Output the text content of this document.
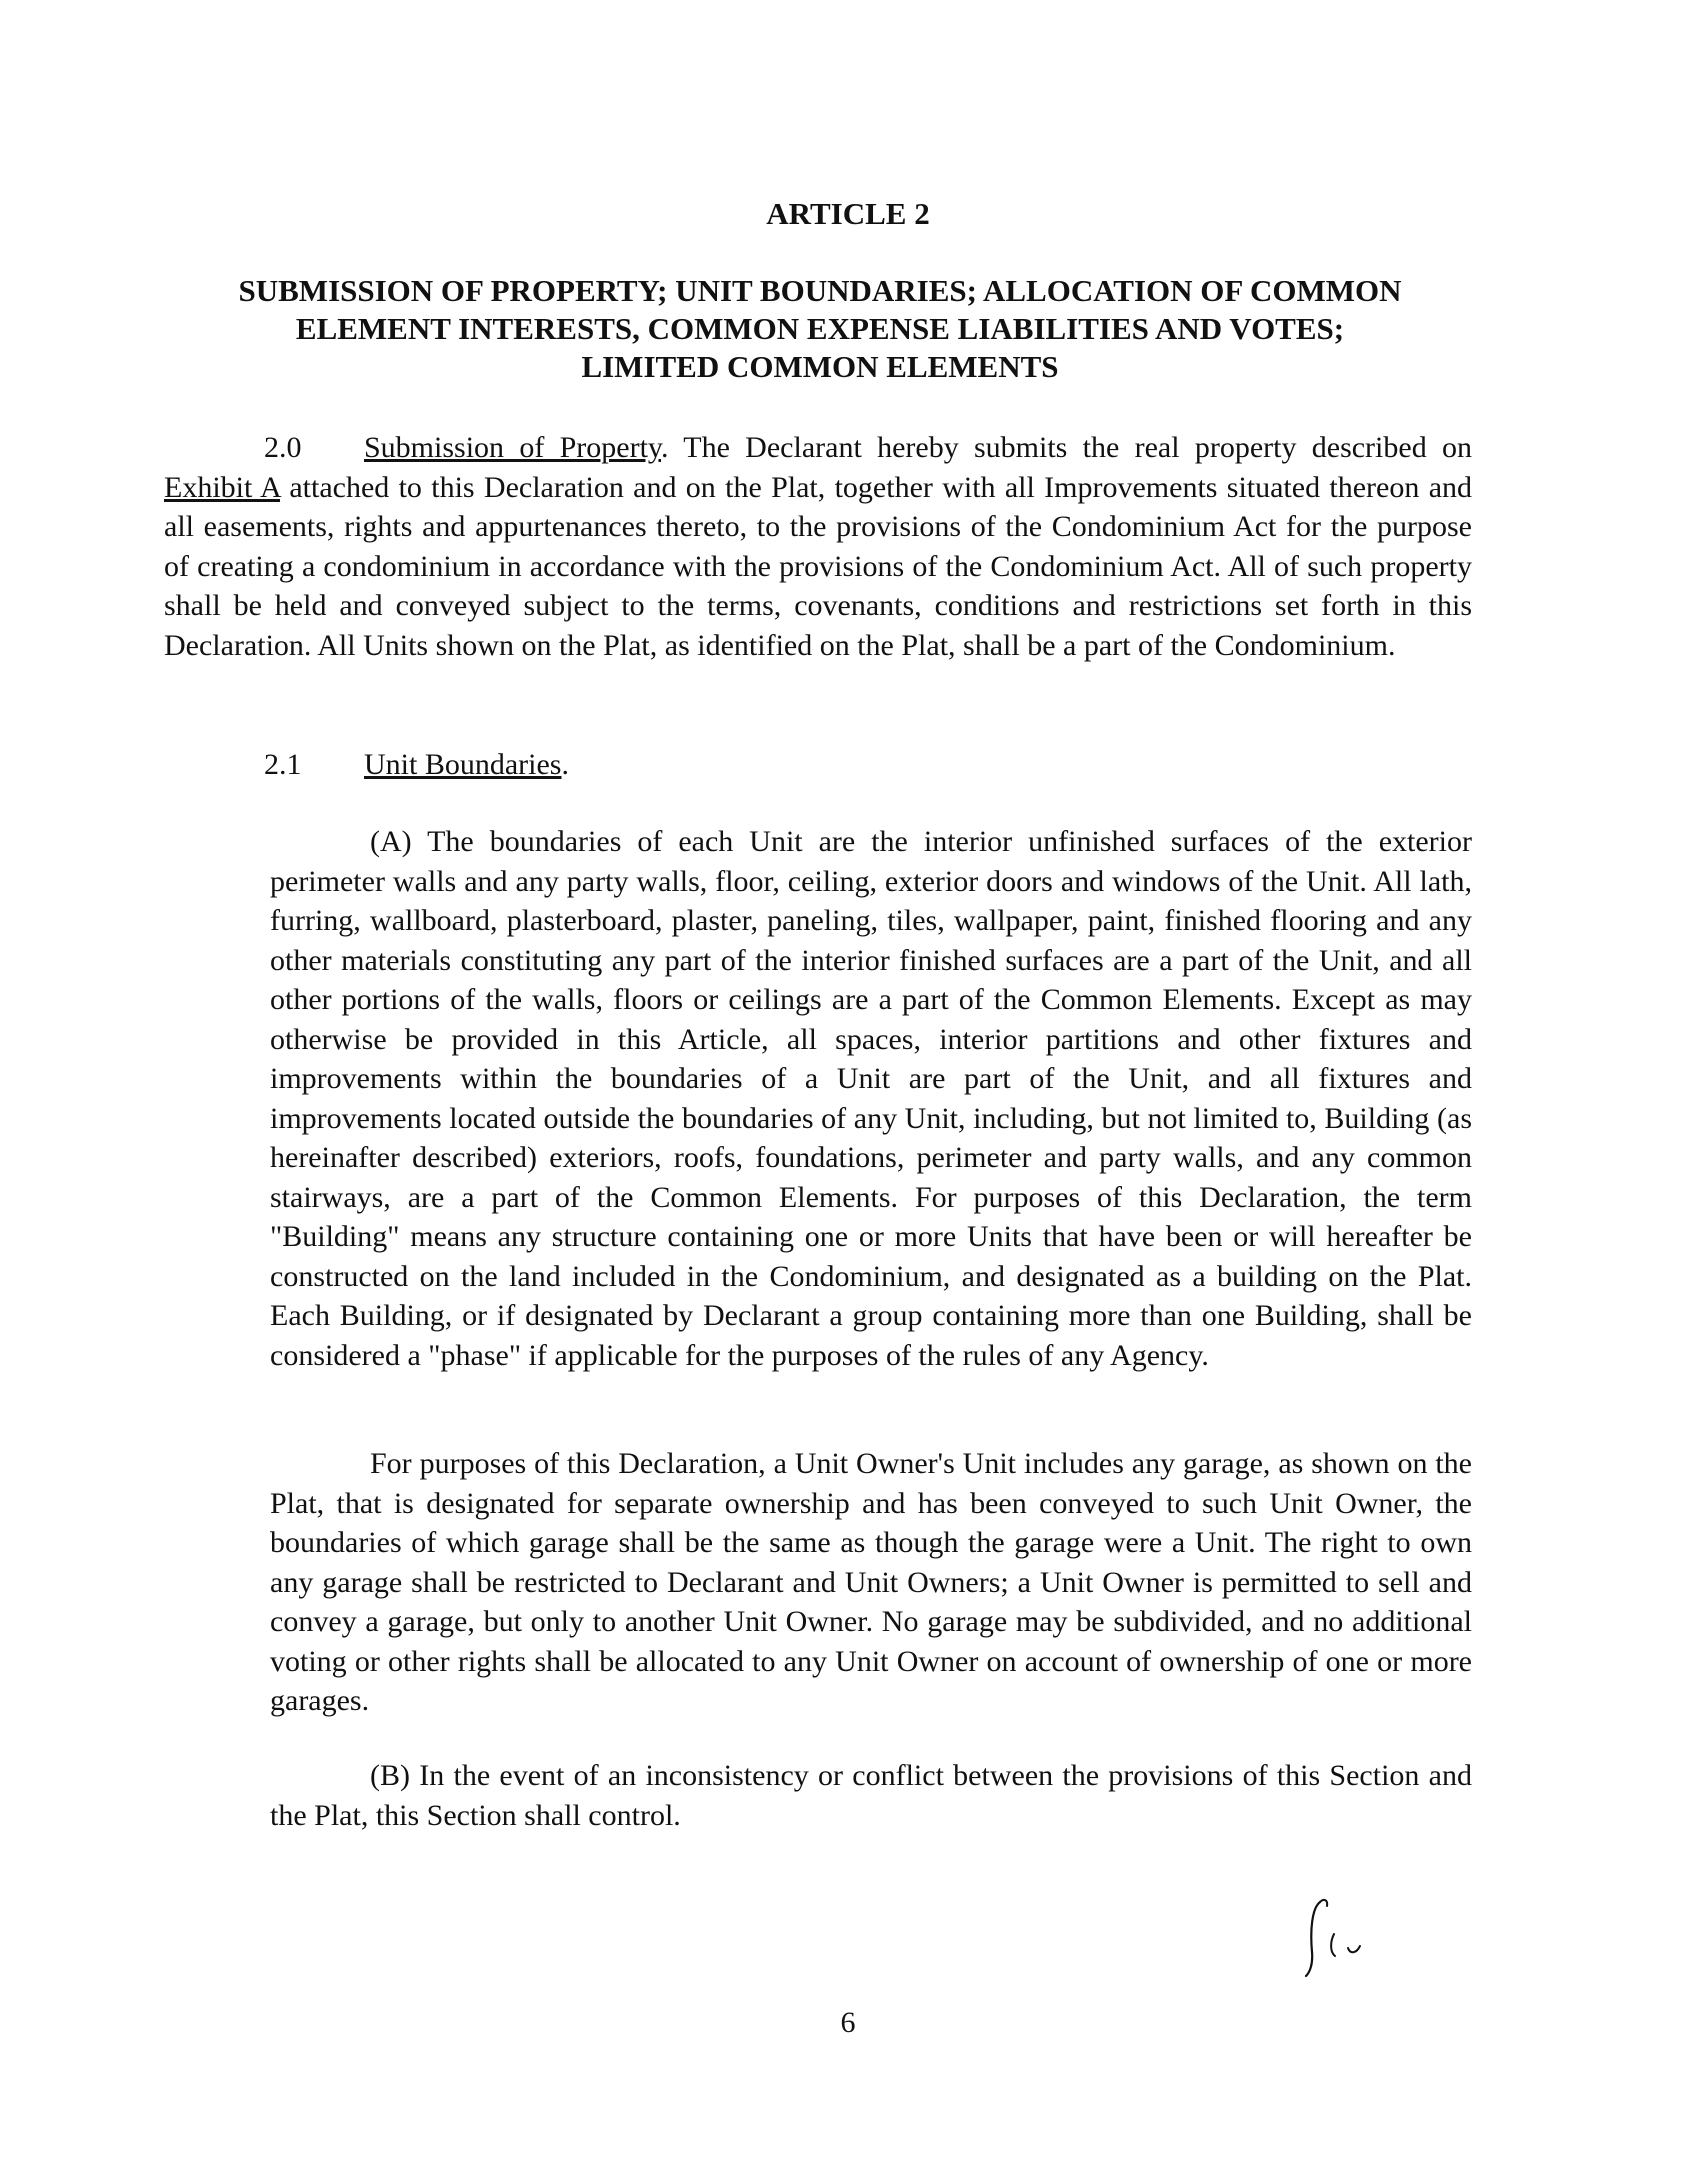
ARTICLE 2
SUBMISSION OF PROPERTY; UNIT BOUNDARIES; ALLOCATION OF COMMON
ELEMENT INTERESTS, COMMON EXPENSE LIABILITIES AND VOTES;
LIMITED COMMON ELEMENTS
2.0 Submission of Property. The Declarant hereby submits the real property described on Exhibit A attached to this Declaration and on the Plat, together with all Improvements situated thereon and all easements, rights and appurtenances thereto, to the provisions of the Condominium Act for the purpose of creating a condominium in accordance with the provisions of the Condominium Act. All of such property shall be held and conveyed subject to the terms, covenants, conditions and restrictions set forth in this Declaration. All Units shown on the Plat, as identified on the Plat, shall be a part of the Condominium.
2.1 Unit Boundaries.
(A) The boundaries of each Unit are the interior unfinished surfaces of the exterior perimeter walls and any party walls, floor, ceiling, exterior doors and windows of the Unit. All lath, furring, wallboard, plasterboard, plaster, paneling, tiles, wallpaper, paint, finished flooring and any other materials constituting any part of the interior finished surfaces are a part of the Unit, and all other portions of the walls, floors or ceilings are a part of the Common Elements. Except as may otherwise be provided in this Article, all spaces, interior partitions and other fixtures and improvements within the boundaries of a Unit are part of the Unit, and all fixtures and improvements located outside the boundaries of any Unit, including, but not limited to, Building (as hereinafter described) exteriors, roofs, foundations, perimeter and party walls, and any common stairways, are a part of the Common Elements. For purposes of this Declaration, the term "Building" means any structure containing one or more Units that have been or will hereafter be constructed on the land included in the Condominium, and designated as a building on the Plat. Each Building, or if designated by Declarant a group containing more than one Building, shall be considered a "phase" if applicable for the purposes of the rules of any Agency.
For purposes of this Declaration, a Unit Owner's Unit includes any garage, as shown on the Plat, that is designated for separate ownership and has been conveyed to such Unit Owner, the boundaries of which garage shall be the same as though the garage were a Unit. The right to own any garage shall be restricted to Declarant and Unit Owners; a Unit Owner is permitted to sell and convey a garage, but only to another Unit Owner. No garage may be subdivided, and no additional voting or other rights shall be allocated to any Unit Owner on account of ownership of one or more garages.
(B) In the event of an inconsistency or conflict between the provisions of this Section and the Plat, this Section shall control.
6
